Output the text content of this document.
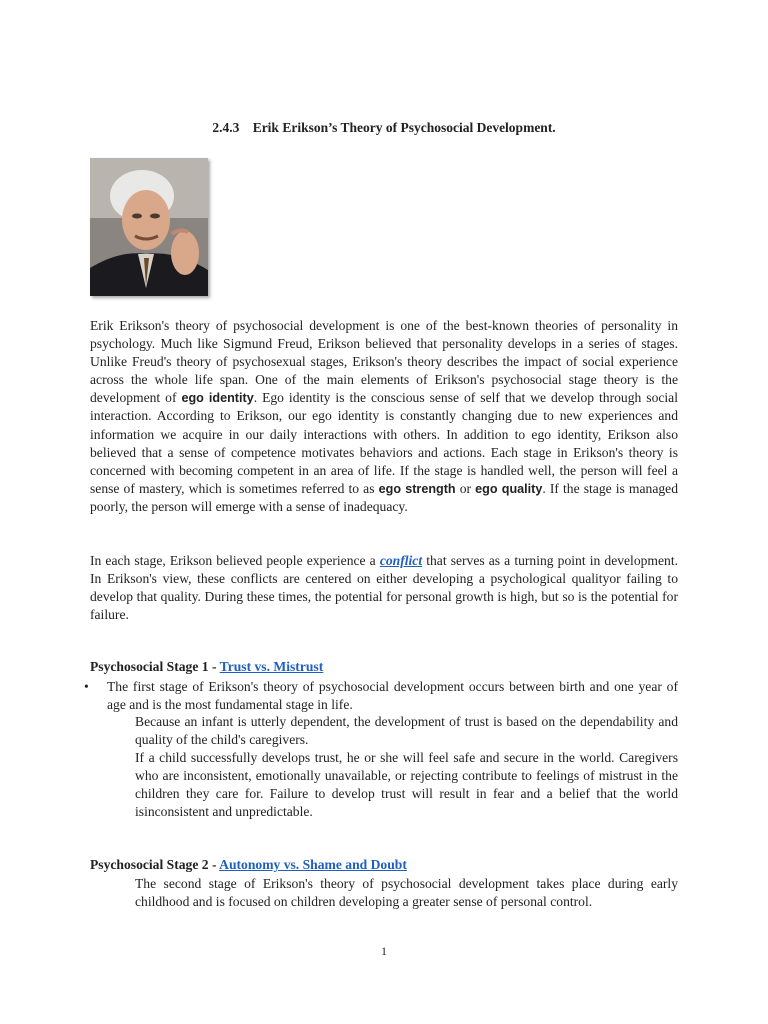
2.4.3 Erik Erikson’s Theory of Psychosocial Development.

Erik Erikson's theory of psychosocial development is one of the best-known theories of personality in psychology. Much like Sigmund Freud, Erikson believed that personality develops in a series of stages. Unlike Freud's theory of psychosexual stages, Erikson's theory describes the impact of social experience across the whole life span. One of the main elements of Erikson's psychosocial stage theory is the development of ego identity. Ego identity is the conscious sense of self that we develop through social interaction. According to Erikson, our ego identity is constantly changing due to new experiences and information we acquire in our daily interactions with others. In addition to ego identity, Erikson also believed that a sense of competence motivates behaviors and actions. Each stage in Erikson's theory is concerned with becoming competent in an area of life. If the stage is handled well, the person will feel a sense of mastery, which is sometimes referred to as ego strength or ego quality. If the stage is managed poorly, the person will emerge with a sense of inadequacy.

In each stage, Erikson believed people experience a conflict that serves as a turning point in development. In Erikson's view, these conflicts are centered on either developing a psychological qualityor failing to develop that quality. During these times, the potential for personal growth is high, but so is the potential for failure.

Psychosocial Stage 1 - Trust vs. Mistrust

•	The first stage of Erikson's theory of psychosocial development occurs between birth and one year of age and is the most fundamental stage in life.

Because an infant is utterly dependent, the development of trust is based on the dependability and quality of the child's caregivers.

If a child successfully develops trust, he or she will feel safe and secure in the world. Caregivers who are inconsistent, emotionally unavailable, or rejecting contribute to feelings of mistrust in the children they care for. Failure to develop trust will result in fear and a belief that the world isinconsistent and unpredictable.

Psychosocial Stage 2 - Autonomy vs. Shame and Doubt

The second stage of Erikson's theory of psychosocial development takes place during early childhood and is focused on children developing a greater sense of personal control.

1
